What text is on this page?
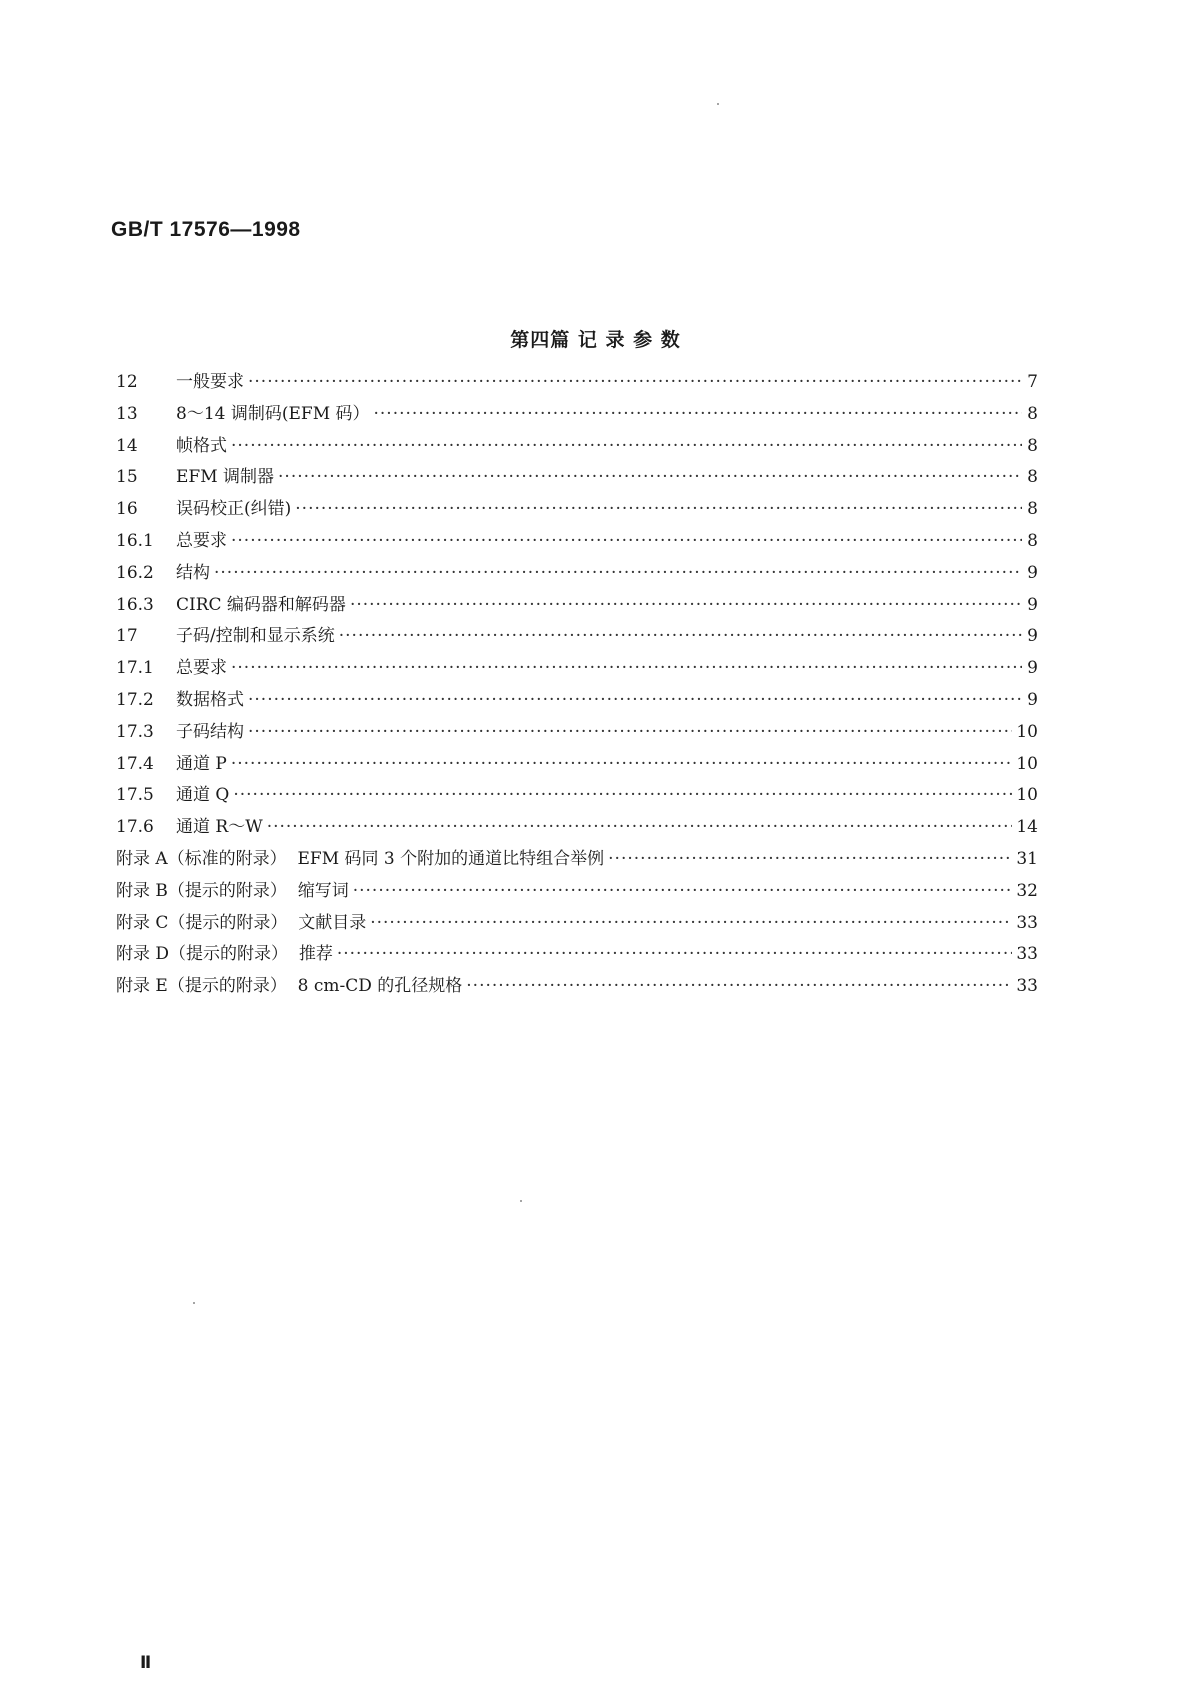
GB/T 17576—1998
第四篇 记 录 参 数
12	一般要求 ·····	7
13	8～14 调制码(EFM 码） ·····	8
14	帧格式 ·····	8
15	EFM 调制器 ·····	8
16	误码校正(纠错) ·····	8
16.1	总要求 ·····	8
16.2	结构 ·····	9
16.3	CIRC 编码器和解码器 ·····	9
17	子码/控制和显示系统 ·····	9
17.1	总要求 ·····	9
17.2	数据格式 ·····	9
17.3	子码结构 ·····	10
17.4	通道 P ·····	10
17.5	通道 Q ·····	10
17.6	通道 R～W ·····	14
附录 A（标准的附录）  EFM 码同 3 个附加的通道比特组合举例 ·····	31
附录 B（提示的附录）  缩写词 ·····	32
附录 C（提示的附录）  文献目录 ·····	33
附录 D（提示的附录）  推荐 ·····	33
附录 E（提示的附录）  8 cm-CD 的孔径规格 ·····	33
Ⅱ
